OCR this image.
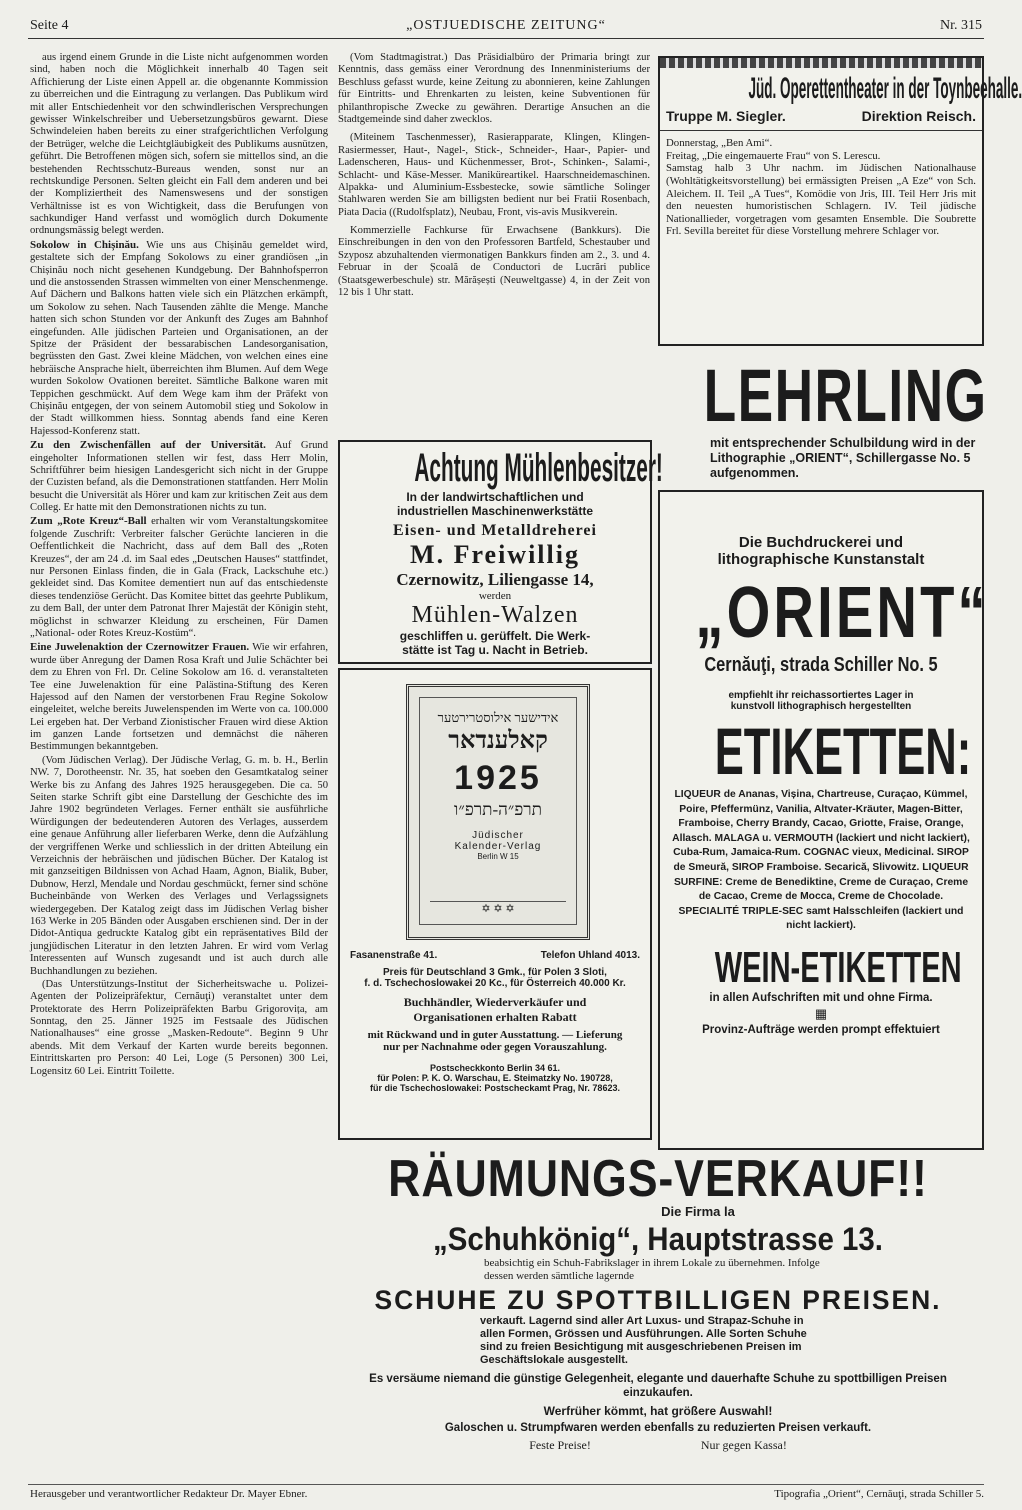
Seite 4	„OSTJUEDISCHE ZEITUNG“	Nr. 315

aus irgend einem Grunde in die Liste nicht aufgenommen worden sind, haben noch die Möglichkeit innerhalb 40 Tagen seit Affichierung der Liste einen Appell ar. die obgenannte Kommission zu überreichen und die Eintragung zu verlangen. Das Publikum wird mit aller Entschiedenheit vor den schwindlerischen Versprechungen gewisser Winkelschreiber und Uebersetzungsbüros gewarnt. Diese Schwindeleien haben bereits zu einer strafgerichtlichen Verfolgung der Betrüger, welche die Leichtgläubigkeit des Publikums ausnützen, geführt. Die Betroffenen mögen sich, sofern sie mittellos sind, an die bestehenden Rechtsschutz-Bureaus wenden, sonst nur an rechtskundige Personen. Selten gleicht ein Fall dem anderen und bei der Kompliziertheit des Namenswesens und der sonstigen Verhältnisse ist es von Wichtigkeit, dass die Berufungen von sachkundiger Hand verfasst und womöglich durch Dokumente ordnungsmässig belegt werden.

Sokolow in Chișinău. Wie uns aus Chișinău gemeldet wird, gestaltete sich der Empfang Sokolows zu einer grandiösen „in Chișinău noch nicht gesehenen Kundgebung. Der Bahnhofsperron und die anstossenden Strassen wimmelten von einer Menschenmenge. Auf Dächern und Balkons hatten viele sich ein Plätzchen erkämpft, um Sokolow zu sehen. Nach Tausenden zählte die Menge. Manche hatten sich schon Stunden vor der Ankunft des Zuges am Bahnhof eingefunden. Alle jüdischen Parteien und Organisationen, an der Spitze der Präsident der bessarabischen Landesorganisation, begrüssten den Gast. Zwei kleine Mädchen, von welchen eines eine hebräische Ansprache hielt, überreichten ihm Blumen. Auf dem Wege wurden Sokolow Ovationen bereitet. Sämtliche Balkone waren mit Teppichen geschmückt. Auf dem Wege kam ihm der Präfekt von Chișinău entgegen, der von seinem Automobil stieg und Sokolow in der Stadt willkommen hiess. Sonntag abends fand eine Keren Hajessod-Konferenz statt.

Zu den Zwischenfällen auf der Universität. Auf Grund eingeholter Informationen stellen wir fest, dass Herr Molin, Schriftführer beim hiesigen Landesgericht sich nicht in der Gruppe der Cuzisten befand, als die Demonstrationen stattfanden. Herr Molin besucht die Universität als Hörer und kam zur kritischen Zeit aus dem Colleg. Er hatte mit den Demonstrationen nichts zu tun.

Zum „Rote Kreuz“-Ball erhalten wir vom Veranstaltungskomitee folgende Zuschrift: Verbreiter falscher Gerüchte lancieren in die Oeffentlichkeit die Nachricht, dass auf dem Ball des „Roten Kreuzes“, der am 24 .d. im Saal edes „Deutschen Hauses“ stattfindet, nur Personen Einlass finden, die in Gala (Frack, Lackschuhe etc.) gekleidet sind. Das Komitee dementiert nun auf das entschiedenste dieses tendenziöse Gerücht. Das Komitee bittet das geehrte Publikum, zu dem Ball, der unter dem Patronat Ihrer Majestät der Königin steht, möglichst in schwarzer Kleidung zu erscheinen, Für Damen „National- oder Rotes Kreuz-Kostüm“.

Eine Juwelenaktion der Czernowitzer Frauen. Wie wir erfahren, wurde über Anregung der Damen Rosa Kraft und Julie Schächter bei dem zu Ehren von Frl. Dr. Celine Sokolow am 16. d. veranstalteten Tee eine Juwelenaktion für eine Palästina-Stiftung des Keren Hajessod auf den Namen der verstorbenen Frau Regine Sokolow eingeleitet, welche bereits Juwelenspenden im Werte von ca. 100.000 Lei ergeben hat. Der Verband Zionistischer Frauen wird diese Aktion im ganzen Lande fortsetzen und demnächst die näheren Bestimmungen bekanntgeben.

(Vom Jüdischen Verlag). Der Jüdische Verlag, G. m. b. H., Berlin NW. 7, Dorotheenstr. Nr. 35, hat soeben den Gesamtkatalog seiner Werke bis zu Anfang des Jahres 1925 herausgegeben. Die ca. 50 Seiten starke Schrift gibt eine Darstellung der Geschichte des im Jahre 1902 begründeten Verlages. Ferner enthält sie ausführliche Würdigungen der bedeutenderen Autoren des Verlages, ausserdem eine genaue Anführung aller lieferbaren Werke, denn die Aufzählung der vergriffenen Werke und schliesslich in der dritten Abteilung ein Verzeichnis der hebräischen und jüdischen Bücher. Der Katalog ist mit ganzseitigen Bildnissen von Achad Haam, Agnon, Bialik, Buber, Dubnow, Herzl, Mendale und Nordau geschmückt, ferner sind schöne Bucheinbände von Werken des Verlages und Verlagssignets wiedergegeben. Der Katalog zeigt dass im Jüdischen Verlag bisher 163 Werke in 205 Bänden oder Ausgaben erschienen sind. Der in der Didot-Antiqua gedruckte Katalog gibt ein repräsentatives Bild der jungjüdischen Literatur in den letzten Jahren. Er wird vom Verlag Interessenten auf Wunsch zugesandt und ist auch durch alle Buchhandlungen zu beziehen.

(Das Unterstützungs-Institut der Sicherheitswache u. Polizei-Agenten der Polizeipräfektur, Cernăuţi) veranstaltet unter dem Protektorate des Herrn Polizeipräfekten Barbu Grigorovița, am Sonntag, den 25. Jänner 1925 im Festsaale des Jüdischen Nationalhauses“ eine grosse „Masken-Redoute“. Beginn 9 Uhr abends. Mit dem Verkauf der Karten wurde bereits begonnen. Eintrittskarten pro Person: 40 Lei, Loge (5 Personen) 300 Lei, Logensitz 60 Lei. Eintritt Toilette.

(Vom Stadtmagistrat.) Das Präsidialbüro der Primaria bringt zur Kenntnis, dass gemäss einer Verordnung des Innenministeriums der Beschluss gefasst wurde, keine Zeitung zu abonnieren, keine Zahlungen für Eintritts- und Ehrenkarten zu leisten, keine Subventionen für philanthropische Zwecke zu gewähren. Derartige Ansuchen an die Stadtgemeinde sind daher zwecklos.

(Miteinem Taschenmesser), Rasierapparate, Klingen, Klingen-Rasiermesser, Haut-, Nagel-, Stick-, Schneider-, Haar-, Papier- und Ladenscheren, Haus- und Küchenmesser, Brot-, Schinken-, Salami-, Schlacht- und Käse-Messer. Maniküreartikel. Haarschneidemaschinen. Alpakka- und Aluminium-Essbestecke, sowie sämtliche Solinger Stahlwaren werden Sie am billigsten bedient nur bei Fratii Rosenbach, Piata Dacia ((Rudolfsplatz), Neubau, Front, vis-avis Musikverein.

Kommerzielle Fachkurse für Erwachsene (Bankkurs). Die Einschreibungen in den von den Professoren Bartfeld, Schestauber und Szyposz abzuhaltenden viermonatigen Bankkurs finden am 2., 3. und 4. Februar in der Școală de Conductori de Lucrări publice (Staatsgewerbeschule) str. Mărășești (Neuweltgasse) 4, in der Zeit von 12 bis 1 Uhr statt.

Achtung Mühlenbesitzer!
In der landwirtschaftlichen und
industriellen Maschinenwerkstätte
Eisen- und Metalldreherei
M. Freiwillig
Czernowitz, Liliengasse 14,
werden
Mühlen-Walzen
geschliffen u. gerüffelt. Die Werk-
stätte ist Tag u. Nacht in Betrieb.
אידישער אילוסטרירטער
קאלענדאר
1925
תרפ״ה-תרפ״ו
Jüdischer
Kalender-Verlag
Berlin W 15
✡ ✡ ✡
Fasanenstraße 41.	Telefon Uhland 4013.
Preis für Deutschland 3 Gmk., für Polen 3 Sloti,
f. d. Tschechoslowakei 20 Kc., für Österreich 40.000 Kr.
Buchhändler, Wiederverkäufer und
Organisationen erhalten Rabatt
mit Rückwand und in guter Ausstattung. — Lieferung
nur per Nachnahme oder gegen Vorauszahlung.
Postscheckkonto Berlin 34 61.
für Polen: P. K. O. Warschau, E. Steimatzky No. 190728,
für die Tschechoslowakei: Postscheckamt Prag, Nr. 78623.
Jüd. Operettentheater in der Toynbeehalle.
Truppe M. Siegler.	Direktion Reisch.
Donnerstag, „Ben Ami“.
Freitag, „Die eingemauerte Frau“ von S. Lerescu.
Samstag halb 3 Uhr nachm. im Jüdischen Nationalhause (Wohltätigkeitsvorstellung) bei ermässigten Preisen „A Eze“ von Sch. Aleichem. II. Teil „A Tues“, Komödie von Jris, III. Teil Herr Jris mit den neuesten humoristischen Schlagern. IV. Teil jüdische Nationallieder, vorgetragen vom gesamten Ensemble. Die Soubrette Frl. Sevilla bereitet für diese Vorstellung mehrere Schlager vor.
LEHRLING
mit entsprechender Schulbildung wird in der Lithographie „ORIENT“, Schillergasse No. 5 aufgenommen.
Die Buchdruckerei und
lithographische Kunstanstalt
„ORIENT“
Cernăuţi, strada Schiller No. 5
empfiehlt ihr reichassortiertes Lager in
kunstvoll lithographisch hergestellten
ETIKETTEN:
LIQUEUR de Ananas, Vișina, Chartreuse, Curaçao, Kümmel, Poire, Pfeffermünz, Vanilia, Altvater-Kräuter, Magen-Bitter, Framboise, Cherry Brandy, Cacao, Griotte, Fraise, Orange, Allasch. MALAGA u. VERMOUTH (lackiert und nicht lackiert), Cuba-Rum, Jamaica-Rum. COGNAC vieux, Medicinal. SIROP de Smeură, SIROP Framboise. Secarică, Slivowitz. LIQUEUR SURFINE: Creme de Benediktine, Creme de Curaçao, Creme de Cacao, Creme de Mocca, Creme de Chocolade. SPECIALITÉ TRIPLE-SEC samt Halsschleifen (lackiert und nicht lackiert).
WEIN-ETIKETTEN
in allen Aufschriften mit und ohne Firma.
▦
Provinz-Aufträge werden prompt effektuiert
RÄUMUNGS-VERKAUF!!
Die Firma la
„Schuhkönig“, Hauptstrasse 13.
beabsichtig ein Schuh-Fabrikslager in ihrem Lokale zu übernehmen. Infolge dessen werden sämtliche lagernde
SCHUHE ZU SPOTTBILLIGEN PREISEN.
verkauft. Lagernd sind aller Art Luxus- und Strapaz-Schuhe in allen Formen, Grössen und Ausführungen. Alle Sorten Schuhe sind zu freien Besichtigung mit ausgeschriebenen Preisen im Geschäftslokale ausgestellt.
Es versäume niemand die günstige Gelegenheit, elegante und dauerhafte Schuhe zu spottbilligen Preisen einzukaufen.
Werfrüher kömmt, hat größere Auswahl!
Galoschen u. Strumpfwaren werden ebenfalls zu reduzierten Preisen verkauft.
Feste Preise!	Nur gegen Kassa!
Herausgeber und verantwortlicher Redakteur Dr. Mayer Ebner.	Tipografia „Orient“, Cernăuţi, strada Schiller 5.
